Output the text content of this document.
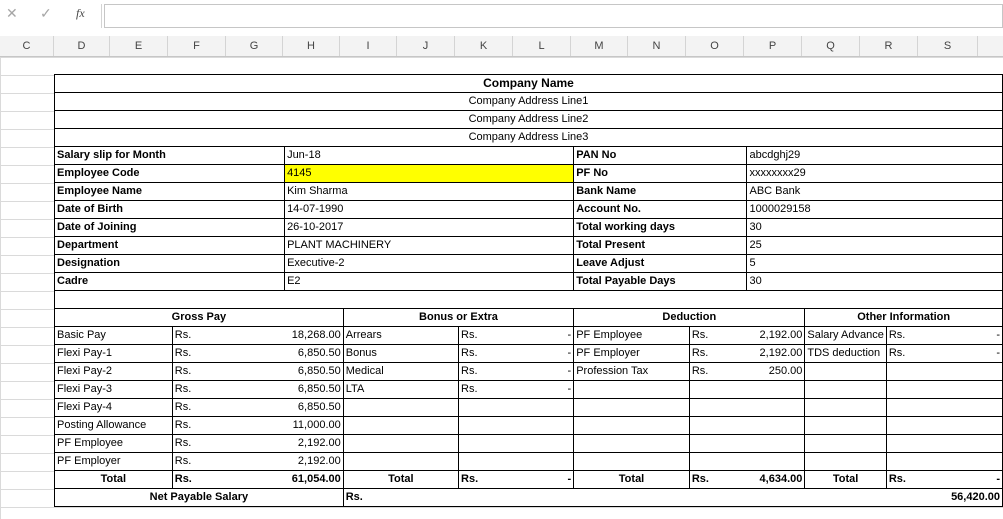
✕ ✓ fx
C	D	E	F	G	H	I	J	K	L	M	N	O	P	Q	R	S
Company Name												
Company Address Line1												
Company Address Line2												
Company Address Line3												
Salary slip for Month			Jun-18				PAN No		abcdghj29			
Employee Code			4145				PF No		xxxxxxxx29			
Employee Name			Kim Sharma				Bank Name		ABC Bank			
Date of Birth			14-07-1990				Account No.		1000029158			
Date of Joining			26-10-2017				Total working days		30			
Department			PLANT MACHINERY				Total Present		25			
Designation			Executive-2				Leave Adjust		5			
Cadre			E2				Total Payable Days		30			

Gross Pay				Bonus or Extra			Deduction			Other Information		
Basic Pay	Rs.	18,268.00		Arrears	Rs.	-	PF Employee	Rs.	2,192.00	Salary Advance	Rs.	-
Flexi Pay-1	Rs.	6,850.50		Bonus	Rs.	-	PF Employer	Rs.	2,192.00	TDS deduction	Rs.	-
Flexi Pay-2	Rs.	6,850.50		Medical	Rs.	-	Profession Tax	Rs.	250.00			
Flexi Pay-3	Rs.	6,850.50		LTA	Rs.	-						
Flexi Pay-4	Rs.	6,850.50										
Posting Allowance	Rs.	11,000.00										
PF Employee	Rs.	2,192.00										
PF Employer	Rs.	2,192.00										
Total	Rs.	61,054.00		Total	Rs.	-	Total	Rs.	4,634.00	Total	Rs.	-
Net Payable Salary				Rs.	56,420.00							
